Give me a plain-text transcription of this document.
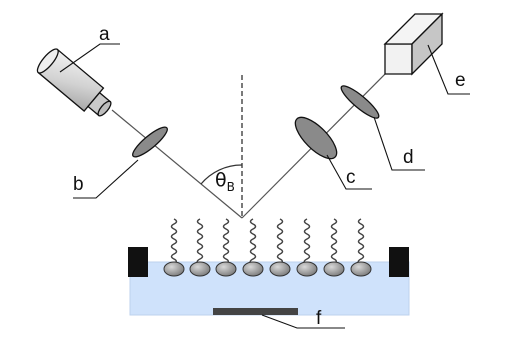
$\theta_B$
a
b	c
d
e
f
